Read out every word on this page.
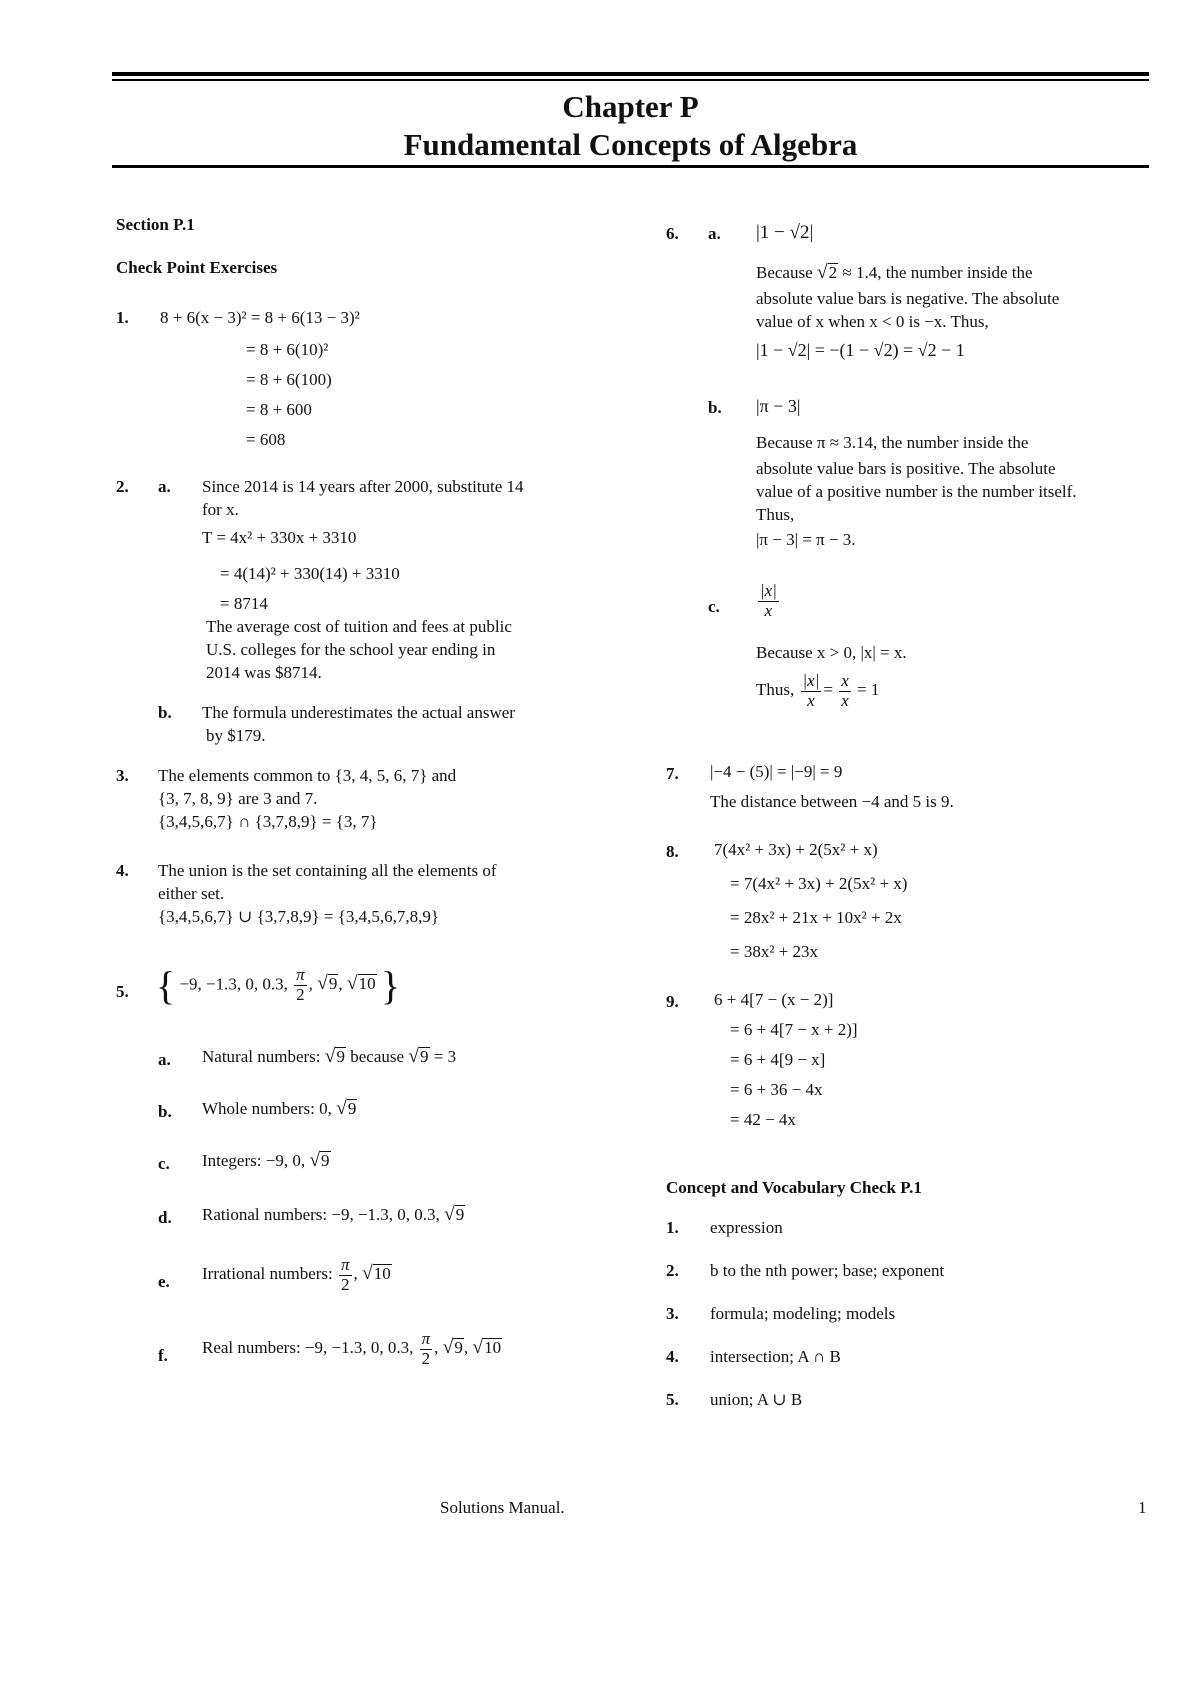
Chapter P
Fundamental Concepts of Algebra
Section P.1
Check Point Exercises
1. 8 + 6(x − 3)² = 8 + 6(13 − 3)²
= 8 + 6(10)²
= 8 + 6(100)
= 8 + 600
= 608
2. a. Since 2014 is 14 years after 2000, substitute 14
for x.
T = 4x² + 330x + 3310
= 4(14)² + 330(14) + 3310
= 8714
The average cost of tuition and fees at public
U.S. colleges for the school year ending in
2014 was $8714.
b. The formula underestimates the actual answer
by $179.
3. The elements common to {3, 4, 5, 6, 7} and
{3, 7, 8, 9} are 3 and 7.
{3,4,5,6,7} ∩ {3,7,8,9} = {3, 7}
4. The union is the set containing all the elements of
either set.
{3,4,5,6,7} ∪ {3,7,8,9} = {3,4,5,6,7,8,9}
5. { −9, −1.3, 0, 0.3, $\frac{\pi}{2}$ , √9, √10 }
a. Natural numbers: √9 because √9 = 3
b. Whole numbers: 0, √9
c. Integers: −9, 0, √9
d. Rational numbers: −9, −1.3, 0, 0.3, √9
e. Irrational numbers: $\frac{\pi}{2}$ , √10
f. Real numbers: −9, −1.3, 0, 0.3, $\frac{\pi}{2}$ , √9, √10
6. a. |1 − √2|
Because √2 ≈ 1.4, the number inside the
absolute value bars is negative. The absolute
value of x when x < 0 is −x. Thus,
|1 − √2| = −(1 − √2) = √2 − 1
b. |π − 3|
Because π ≈ 3.14, the number inside the
absolute value bars is positive. The absolute
value of a positive number is the number itself.
Thus,
|π − 3| = π − 3.
c. $\frac{|x|}{x}$
Because x > 0, |x| = x.
Thus, $\frac{|x|}{x} = \frac{x}{x} = 1$
7. |−4 − (5)| = |−9| = 9
The distance between −4 and 5 is 9.
8. 7(4x² + 3x) + 2(5x² + x)
= 7(4x² + 3x) + 2(5x² + x)
= 28x² + 21x + 10x² + 2x
= 38x² + 23x
9. 6 + 4[7 − (x − 2)]
= 6 + 4[7 − x + 2)]
= 6 + 4[9 − x]
= 6 + 36 − 4x
= 42 − 4x
Concept and Vocabulary Check P.1
1. expression
2. b to the nth power; base; exponent
3. formula; modeling; models
4. intersection; A ∩ B
5. union; A ∪ B
Solutions Manual.	1
